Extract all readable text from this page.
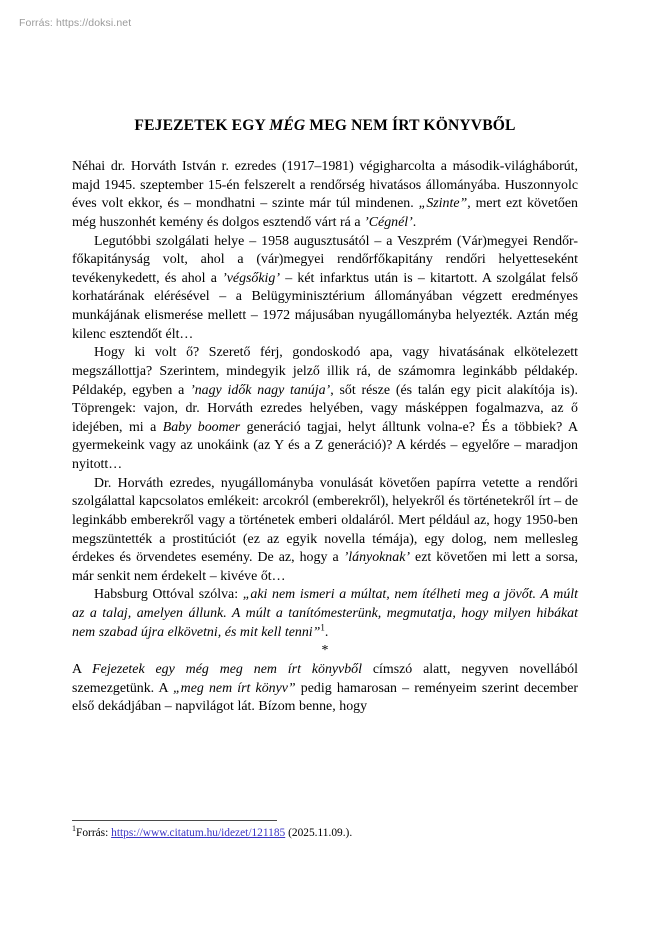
Forrás: https://doksi.net
FEJEZETEK EGY MÉG MEG NEM ÍRT KÖNYVBŐL

Néhai dr. Horváth István r. ezredes (1917–1981) végigharcolta a második-világháborút, majd 1945. szeptember 15-én felszerelt a rendőrség hivatásos állományába. Huszonnyolc éves volt ekkor, és – mondhatni – szinte már túl mindenen. „Szinte”, mert ezt követően még huszonhét kemény és dolgos esztendő várt rá a ’Cégnél’.

Legutóbbi szolgálati helye – 1958 augusztusától – a Veszprém (Vár)megyei Rendőr-főkapitányság volt, ahol a (vár)megyei rendőrfőkapitány rendőri helyetteseként tevékenykedett, és ahol a ’végsőkig’ – két infarktus után is – kitartott. A szolgálat felső korhatárának elérésével – a Belügyminisztérium állományában végzett eredményes munkájának elismerése mellett – 1972 májusában nyugállományba helyezték. Aztán még kilenc esztendőt élt…

Hogy ki volt ő? Szerető férj, gondoskodó apa, vagy hivatásának elkötelezett megszállottja? Szerintem, mindegyik jelző illik rá, de számomra leginkább példakép. Példakép, egyben a ’nagy idők nagy tanúja’, sőt része (és talán egy picit alakítója is). Töprengek: vajon, dr. Horváth ezredes helyében, vagy másképpen fogalmazva, az ő idejében, mi a Baby boomer generáció tagjai, helyt álltunk volna-e? És a többiek? A gyermekeink vagy az unokáink (az Y és a Z generáció)? A kérdés – egyelőre – maradjon nyitott…

Dr. Horváth ezredes, nyugállományba vonulását követően papírra vetette a rendőri szolgálattal kapcsolatos emlékeit: arcokról (emberekről), helyekről és történetekről írt – de leginkább emberekről vagy a történetek emberi oldaláról. Mert például az, hogy 1950-ben megszüntették a prostitúciót (ez az egyik novella témája), egy dolog, nem mellesleg érdekes és örvendetes esemény. De az, hogy a ’lányoknak’ ezt követően mi lett a sorsa, már senkit nem érdekelt – kivéve őt…

Habsburg Ottóval szólva: „aki nem ismeri a múltat, nem ítélheti meg a jövőt. A múlt az a talaj, amelyen állunk. A múlt a tanítómesterünk, megmutatja, hogy milyen hibákat nem szabad újra elkövetni, és mit kell tenni”$^1$.

*

A Fejezetek egy még meg nem írt könyvből címszó alatt, negyven novellából szemezgetünk. A „meg nem írt könyv” pedig hamarosan – reményeim szerint december első dekádjában – napvilágot lát. Bízom benne, hogy

$^1$Forrás: https://www.citatum.hu/idezet/121185 (2025.11.09.).
